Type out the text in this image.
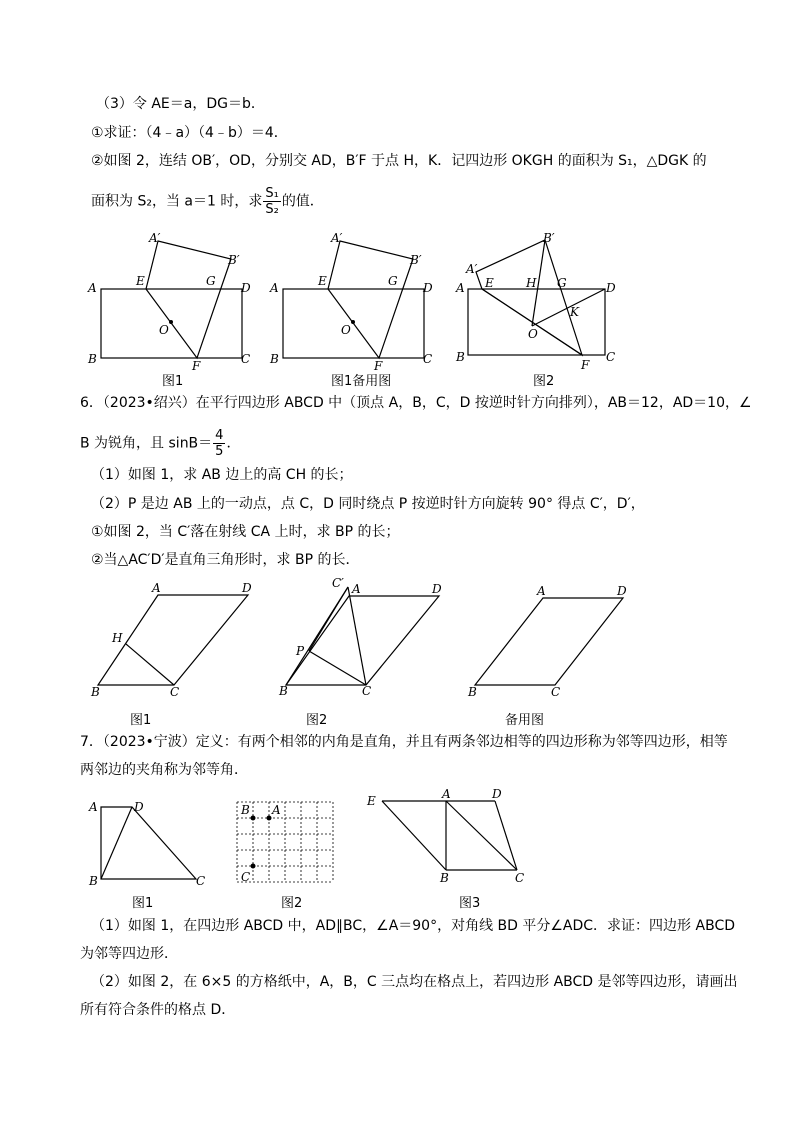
（3）令 AE＝a，DG＝b．
①求证：（4﹣a）（4﹣b）＝4．
②如图 2，连结 OB′，OD，分别交 AD，B′F 于点 H，K．记四边形 OKGH 的面积为 S₁，△DGK 的
面积为 S₂，当 a＝1 时，求 $\frac{\text{S₁}}{\text{S₂}}$ 的值．
A
B	C
D
E
F
G
O
A′
B′
图1
A
B	C
D
E
F
G
O
A′
B′
图1备用图
A
B	C
D
E
F
G
O
A′
B′
H
K
图2
6．（2023•绍兴）在平行四边形 ABCD 中（顶点 A，B，C，D 按逆时针方向排列），AB＝12，AD＝10，∠
B 为锐角，且 $\sin B= \frac{4}{5}$ ．
（1）如图 1，求 AB 边上的高 CH 的长；
（2）P 是边 AB 上的一动点，点 C，D 同时绕点 P 按逆时针方向旋转 90° 得点 C′，D′，
①如图 2，当 C′落在射线 CA 上时，求 BP 的长；
②当△AC′D′是直角三角形时，求 BP 的长．
A
B	C
D
H
图1
A
B	C
D
P
C′
图2
A
B	C
D
备用图
7．（2023•宁波）定义：有两个相邻的内角是直角，并且有两条邻边相等的四边形称为邻等四边形，相等
两邻边的夹角称为邻等角．
A
B	C
D
图1
B A
C
图2
E	A	D
B	C
图3
（1）如图 1，在四边形 ABCD 中，AD∥BC，∠A＝90°，对角线 BD 平分∠ADC．求证：四边形 ABCD
为邻等四边形．
（2）如图 2，在 6×5 的方格纸中，A，B，C 三点均在格点上，若四边形 ABCD 是邻等四边形，请画出
所有符合条件的格点 D．
